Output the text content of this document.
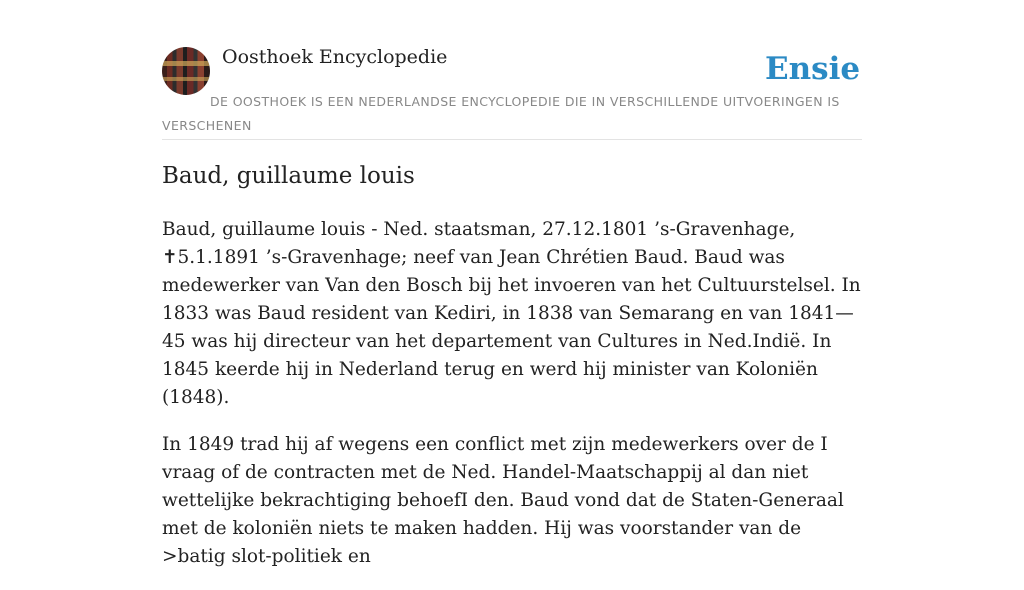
Oosthoek Encyclopedie	Ensie
DE OOSTHOEK IS EEN NEDERLANDSE ENCYCLOPEDIE DIE IN VERSCHILLENDE UITVOERINGEN IS VERSCHENEN
Baud, guillaume louis

Baud, guillaume louis - Ned. staatsman, 27.12.1801 ’s-Gravenhage, ✝5.1.1891 ’s-Gravenhage; neef van Jean Chrétien Baud. Baud was medewerker van Van den Bosch bij het invoeren van het Cultuurstelsel. In 1833 was Baud resident van Kediri, in 1838 van Semarang en van 1841—45 was hij directeur van het departement van Cultures in Ned.Indië. In 1845 keerde hij in Nederland terug en werd hij minister van Koloniën (1848).

In 1849 trad hij af wegens een conflict met zijn medewerkers over de I vraag of de contracten met de Ned. Handel-Maatschappij al dan niet wettelijke bekrachtiging behoefI den. Baud vond dat de Staten-Generaal met de koloniën niets te maken hadden. Hij was voorstander van de >batig slot-politiek en
